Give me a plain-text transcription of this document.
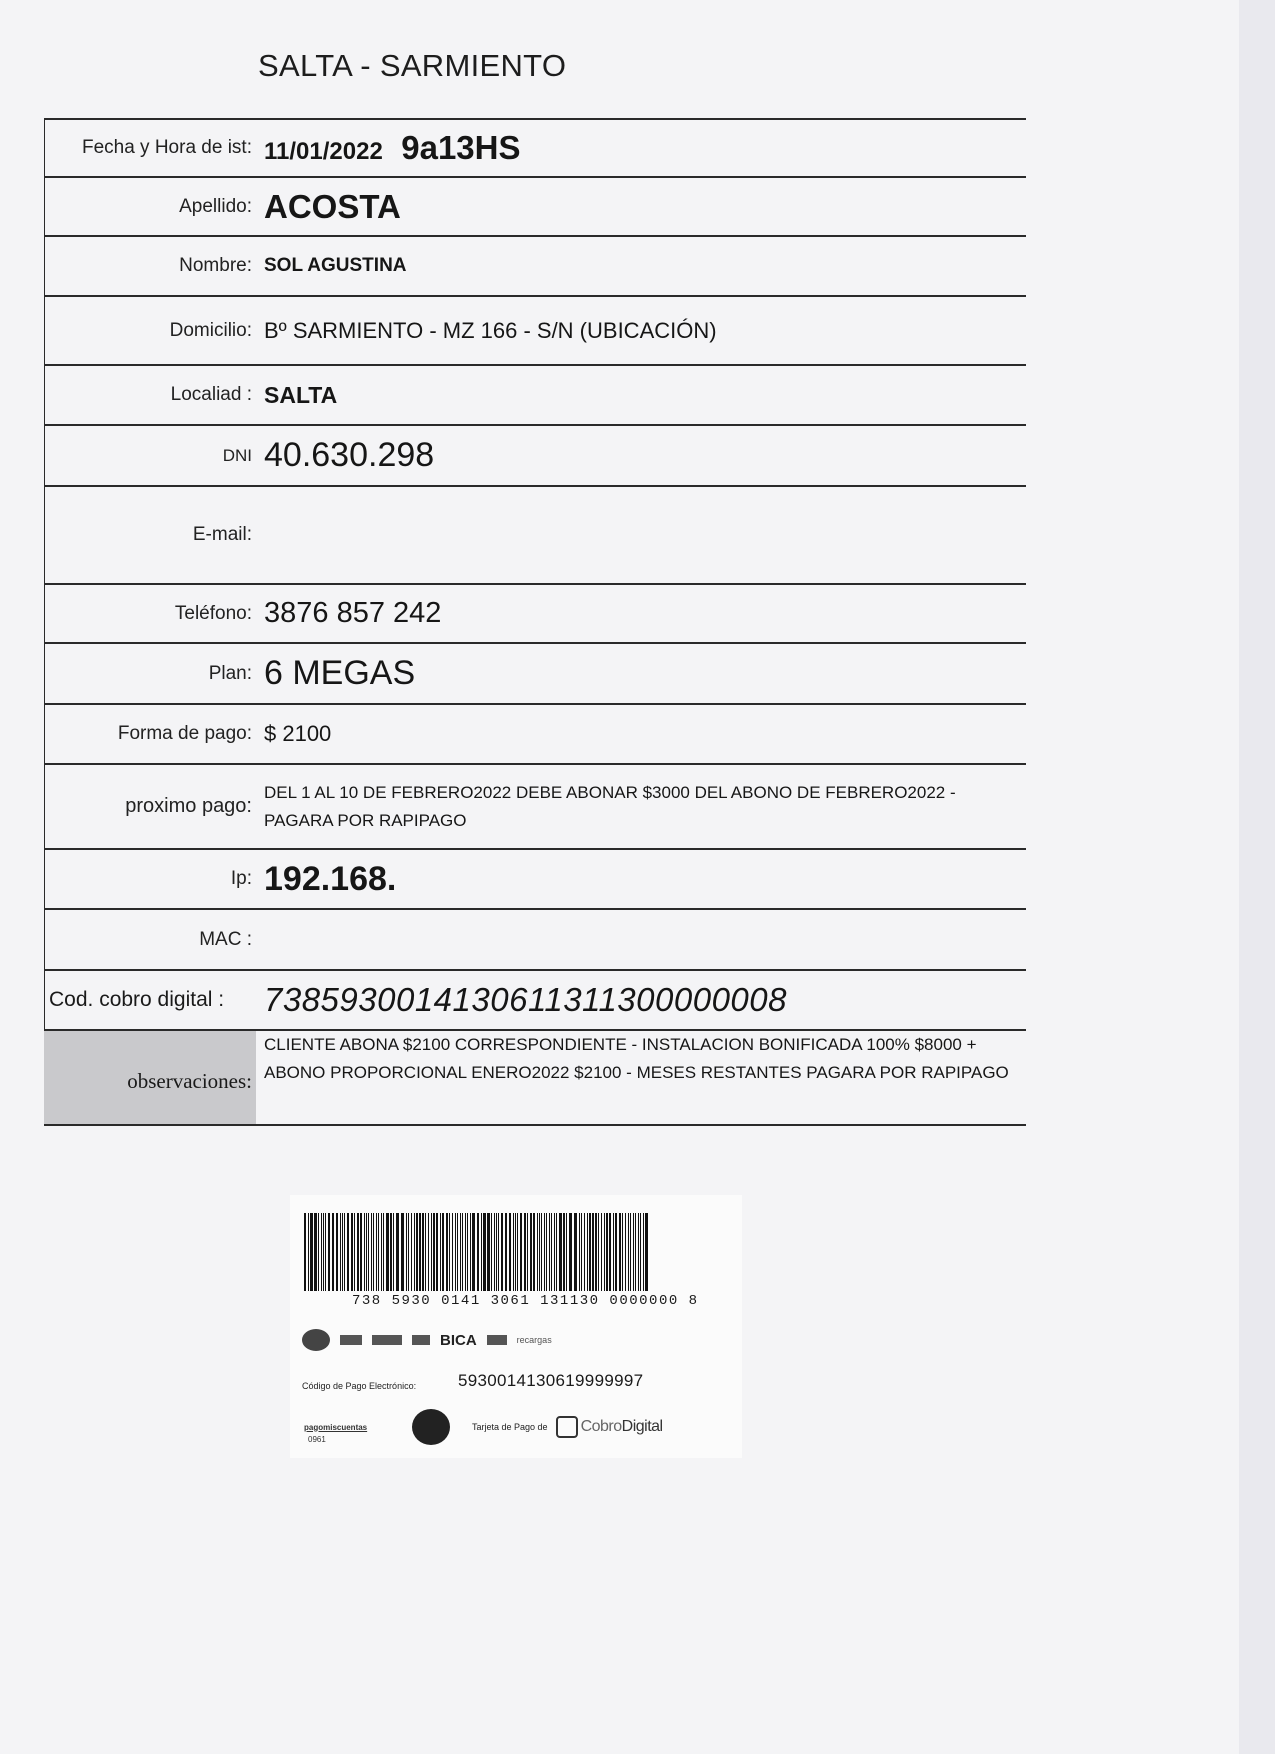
SALTA - SARMIENTO
Fecha y Hora de ist: 11/01/2022 9a13HS
Apellido: ACOSTA
Nombre: SOL AGUSTINA
Domicilio: Bº SARMIENTO - MZ 166 - S/N (UBICACIÓN)
Localiad : SALTA
DNI 40.630.298
E-mail:
Teléfono: 3876 857 242
Plan: 6 MEGAS
Forma de pago: $ 2100
proximo pago:
DEL 1 AL 10 DE FEBRERO2022 DEBE ABONAR $3000 DEL ABONO DE FEBRERO2022 -
PAGARA POR RAPIPAGO
Ip: 192.168.
MAC :
Cod. cobro digital :	7385930014130611311300000008
observaciones:
CLIENTE ABONA $2100 CORRESPONDIENTE - INSTALACION BONIFICADA 100% $8000 +
ABONO PROPORCIONAL ENERO2022 $2100 - MESES RESTANTES PAGARA POR RAPIPAGO
738 5930 0141 3061 131130 0000000 8
BICA	recargas
Código de Pago Electrónico: 5930014130619999997
pagomiscuentas	Tarjeta de Pago de CobroDigital
0961
